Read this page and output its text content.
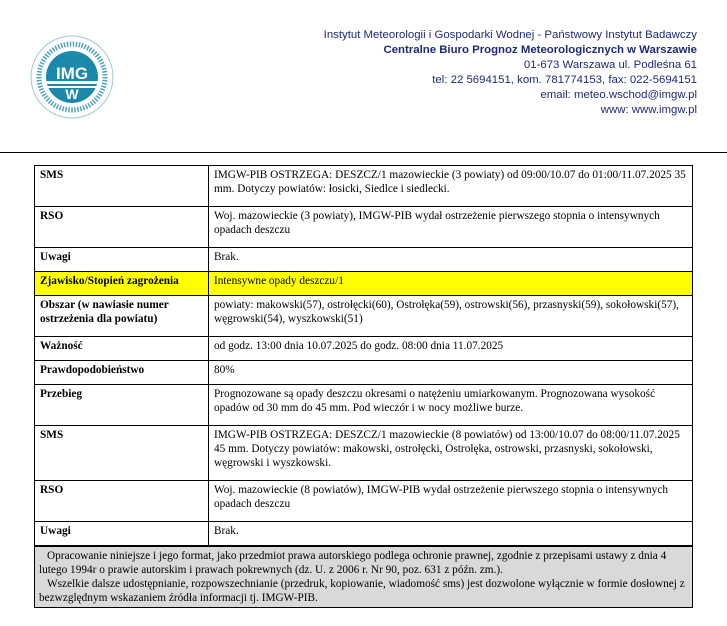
IMG
W
Instytut Meteorologii i Gospodarki Wodnej - Państwowy Instytut Badawczy
Centralne Biuro Prognoz Meteorologicznych w Warszawie
01-673 Warszawa ul. Podleśna 61
tel: 22 5694151, kom. 781774153, fax: 022-5694151
email: meteo.wschod@imgw.pl
www: www.imgw.pl
SMS	IMGW-PIB OSTRZEGA: DESZCZ/1 mazowieckie (3 powiaty) od 09:00/10.07 do 01:00/11.07.2025 35 mm. Dotyczy powiatów: łosicki, Siedlce i siedlecki.
RSO	Woj. mazowieckie (3 powiaty), IMGW-PIB wydał ostrzeżenie pierwszego stopnia o intensywnych opadach deszczu
Uwagi	Brak.
Zjawisko/Stopień zagrożenia	Intensywne opady deszczu/1
Obszar (w nawiasie numer ostrzeżenia dla powiatu)	powiaty: makowski(57), ostrołęcki(60), Ostrołęka(59), ostrowski(56), przasnyski(59), sokołowski(57), węgrowski(54), wyszkowski(51)
Ważność	od godz. 13:00 dnia 10.07.2025 do godz. 08:00 dnia 11.07.2025
Prawdopodobieństwo	80%
Przebieg	Prognozowane są opady deszczu okresami o natężeniu umiarkowanym. Prognozowana wysokość opadów od 30 mm do 45 mm. Pod wieczór i w nocy możliwe burze.
SMS	IMGW-PIB OSTRZEGA: DESZCZ/1 mazowieckie (8 powiatów) od 13:00/10.07 do 08:00/11.07.2025 45 mm. Dotyczy powiatów: makowski, ostrołęcki, Ostrołęka, ostrowski, przasnyski, sokołowski, węgrowski i wyszkowski.
RSO	Woj. mazowieckie (8 powiatów), IMGW-PIB wydał ostrzeżenie pierwszego stopnia o intensywnych opadach deszczu
Uwagi	Brak.

Opracowanie niniejsze i jego format, jako przedmiot prawa autorskiego podlega ochronie prawnej, zgodnie z przepisami ustawy z dnia 4 lutego 1994r o prawie autorskim i prawach pokrewnych (dz. U. z 2006 r. Nr 90, poz. 631 z późn. zm.).

Wszelkie dalsze udostępnianie, rozpowszechnianie (przedruk, kopiowanie, wiadomość sms) jest dozwolone wyłącznie w formie dosłownej z bezwzględnym wskazaniem źródła informacji tj. IMGW-PIB.
